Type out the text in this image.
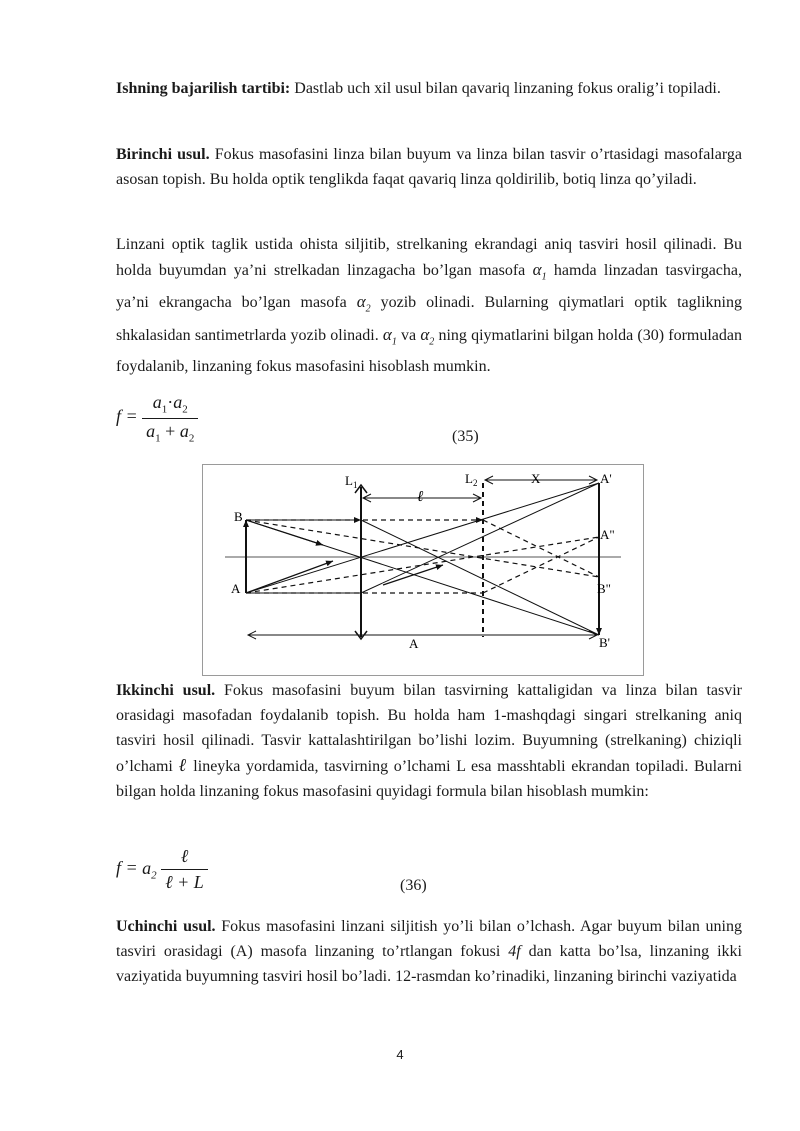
Ishning bajarilish tartibi: Dastlab uch xil usul bilan qavariq linzaning fokus oralig’i topiladi.

Birinchi usul. Fokus masofasini linza bilan buyum va linza bilan tasvir o’rtasidagi masofalarga asosan topish. Bu holda optik tenglikda faqat qavariq linza qoldirilib, botiq linza qo’yiladi.

Linzani optik taglik ustida ohista siljitib, strelkaning ekrandagi aniq tasviri hosil qilinadi. Bu holda buyumdan ya’ni strelkadan linzagacha bo’lgan masofa $\alpha_1$ hamda linzadan tasvirgacha, ya’ni ekrangacha bo’lgan masofa $\alpha_2$ yozib olinadi. Bularning qiymatlari optik taglikning shkalasidan santimetrlarda yozib olinadi. $\alpha_1$ va $\alpha_2$ ning qiymatlarini bilgan holda (30) formuladan foydalanib, linzaning fokus masofasini hisoblash mumkin.

$f = \frac{a_1\cdot a_2}{a_1 + a_2}$	(35)
$L_1$	$L_2$	X
ℓ
A'
A"
B
A	B"
B'
A

Ikkinchi usul. Fokus masofasini buyum bilan tasvirning kattaligidan va linza bilan tasvir orasidagi masofadan foydalanib topish. Bu holda ham 1-mashqdagi singari strelkaning aniq tasviri hosil qilinadi. Tasvir kattalashtirilgan bo’lishi lozim. Buyumning (strelkaning) chiziqli o’lchami ℓ lineyka yordamida, tasvirning o’lchami L esa masshtabli ekrandan topiladi. Bularni bilgan holda linzaning fokus masofasini quyidagi formula bilan hisoblash mumkin:

$f = a_2 \frac{\text{ℓ}}{\text{ℓ + L}}$	(36)

Uchinchi usul. Fokus masofasini linzani siljitish yo’li bilan o’lchash. Agar buyum bilan uning tasviri orasidagi (A) masofa linzaning to’rtlangan fokusi 4f dan katta bo’lsa, linzaning ikki vaziyatida buyumning tasviri hosil bo’ladi. 12-rasmdan ko’rinadiki, linzaning birinchi vaziyatida

4
